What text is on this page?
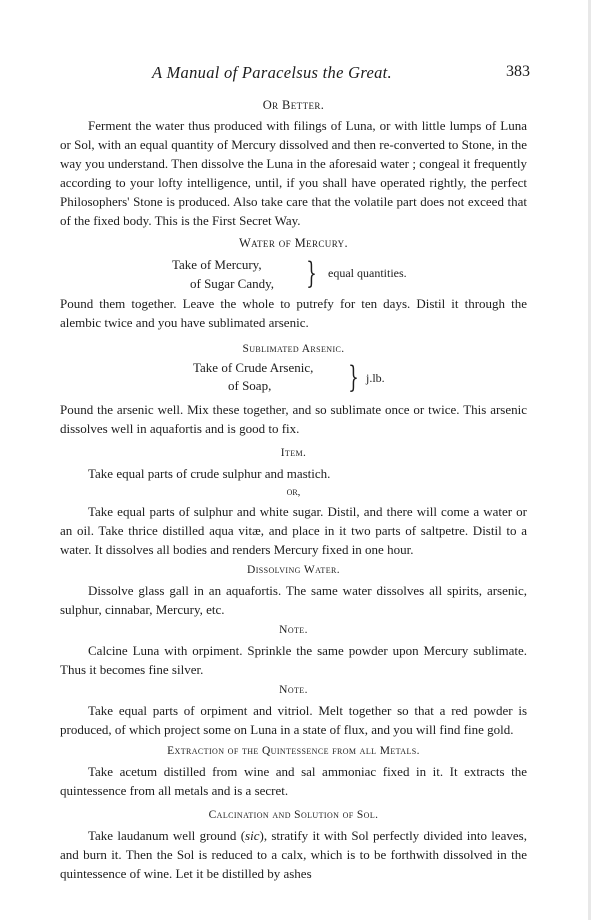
A Manual of Paracelsus the Great.	383
Or Better.

Ferment the water thus produced with filings of Luna, or with little lumps of Luna or Sol, with an equal quantity of Mercury dissolved and then re-converted to Stone, in the way you understand. Then dissolve the Luna in the aforesaid water ; congeal it frequently according to your lofty intelligence, until, if you shall have operated rightly, the perfect Philosophers' Stone is produced. Also take care that the volatile part does not exceed that of the fixed body. This is the First Secret Way.

Water of Mercury.
Take of Mercury,
of Sugar Candy, } equal quantities.

Pound them together. Leave the whole to putrefy for ten days. Distil it through the alembic twice and you have sublimated arsenic.

Sublimated Arsenic.
Take of Crude Arsenic,
of Soap,	} j.lb.

Pound the arsenic well. Mix these together, and so sublimate once or twice. This arsenic dissolves well in aquafortis and is good to fix.

Item.

Take equal parts of crude sulphur and mastich.

or,

Take equal parts of sulphur and white sugar. Distil, and there will come a water or an oil. Take thrice distilled aqua vitæ, and place in it two parts of saltpetre. Distil to a water. It dissolves all bodies and renders Mercury fixed in one hour.

Dissolving Water.

Dissolve glass gall in an aquafortis. The same water dissolves all spirits, arsenic, sulphur, cinnabar, Mercury, etc.

Note.

Calcine Luna with orpiment. Sprinkle the same powder upon Mercury sublimate. Thus it becomes fine silver.

Note.

Take equal parts of orpiment and vitriol. Melt together so that a red powder is produced, of which project some on Luna in a state of flux, and you will find fine gold.

Extraction of the Quintessence from all Metals.

Take acetum distilled from wine and sal ammoniac fixed in it. It extracts the quintessence from all metals and is a secret.

Calcination and Solution of Sol.

Take laudanum well ground (sic), stratify it with Sol perfectly divided into leaves, and burn it. Then the Sol is reduced to a calx, which is to be forthwith dissolved in the quintessence of wine. Let it be distilled by ashes
